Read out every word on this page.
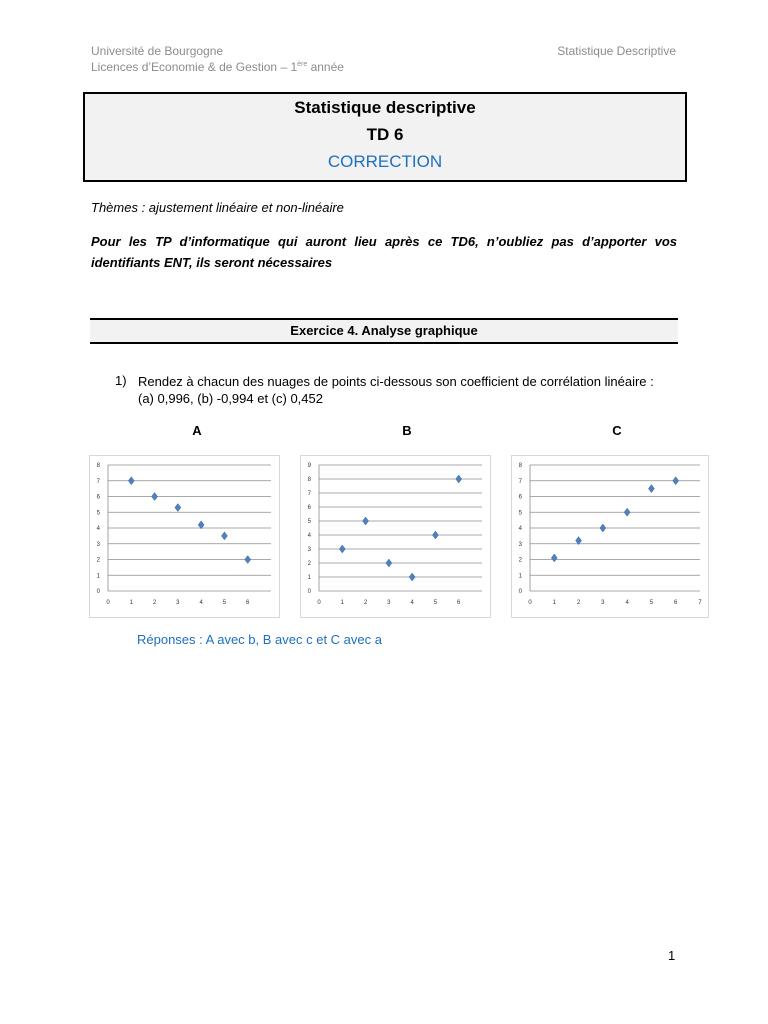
Université de Bourgogne
Licences d’Economie & de Gestion – 1ère année
Statistique Descriptive
Statistique descriptive
TD 6
CORRECTION
Thèmes : ajustement linéaire et non-linéaire
Pour les TP d’informatique qui auront lieu après ce TD6, n’oubliez pas d’apporter vos identifiants ENT, ils seront nécessaires
Exercice 4. Analyse graphique
1) Rendez à chacun des nuages de points ci-dessous son coefficient de corrélation linéaire : (a) 0,996, (b) -0,994 et (c) 0,452
A	B	C
0
1
2
3
4
5
6
7
8
0	1	2	3	4	5	6
0
1
2
3
4
5
6
7
8
9
0	1	2	3	4	5	6
0
1
2
3
4
5
6
7
8
0	1	2	3	4	5	6	7
Réponses : A avec b, B avec c et C avec a
1
